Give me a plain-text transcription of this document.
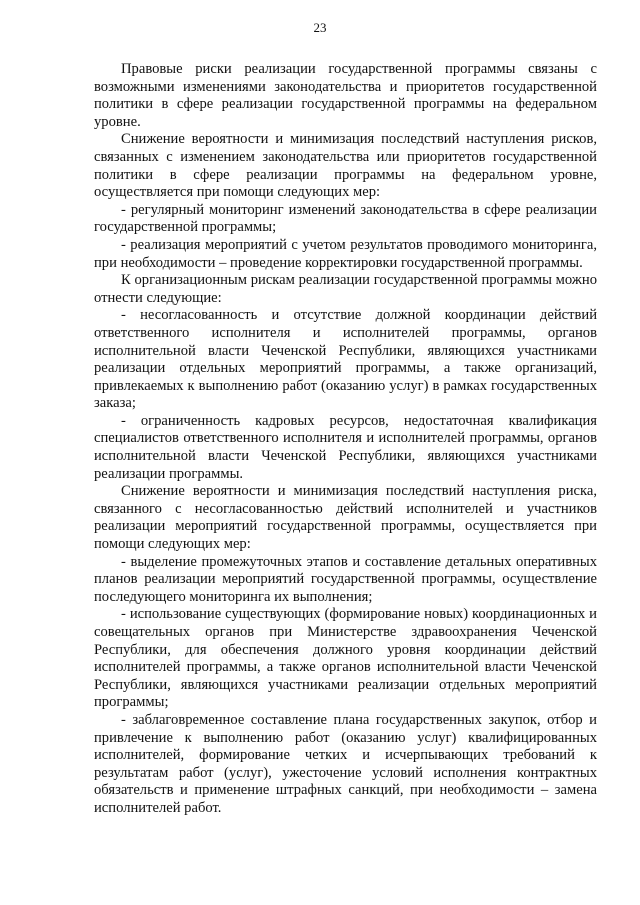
23

Правовые риски реализации государственной программы связаны с возможными изменениями законодательства и приоритетов государственной политики в сфере реализации государственной программы на федеральном уровне.

Снижение вероятности и минимизация последствий наступления рисков, связанных с изменением законодательства или приоритетов государственной политики в сфере реализации программы на федеральном уровне, осуществляется при помощи следующих мер:

- регулярный мониторинг изменений законодательства в сфере реализации государственной программы;

- реализация мероприятий с учетом результатов проводимого мониторинга, при необходимости – проведение корректировки государственной программы.

К организационным рискам реализации государственной программы можно отнести следующие:

- несогласованность и отсутствие должной координации действий ответственного исполнителя и исполнителей программы, органов исполнительной власти Чеченской Республики, являющихся участниками реализации отдельных мероприятий программы, а также организаций, привлекаемых к выполнению работ (оказанию услуг) в рамках государственных заказа;

- ограниченность кадровых ресурсов, недостаточная квалификация специалистов ответственного исполнителя и исполнителей программы, органов исполнительной власти Чеченской Республики, являющихся участниками реализации программы.

Снижение вероятности и минимизация последствий наступления риска, связанного с несогласованностью действий исполнителей и участников реализации мероприятий государственной программы, осуществляется при помощи следующих мер:

- выделение промежуточных этапов и составление детальных оперативных планов реализации мероприятий государственной программы, осуществление последующего мониторинга их выполнения;

- использование существующих (формирование новых) координационных и совещательных органов при Министерстве здравоохранения Чеченской Республики, для обеспечения должного уровня координации действий исполнителей программы, а также органов исполнительной власти Чеченской Республики, являющихся участниками реализации отдельных мероприятий программы;

- заблаговременное составление плана государственных закупок, отбор и привлечение к выполнению работ (оказанию услуг) квалифицированных исполнителей, формирование четких и исчерпывающих требований к результатам работ (услуг), ужесточение условий исполнения контрактных обязательств и применение штрафных санкций, при необходимости – замена исполнителей работ.
